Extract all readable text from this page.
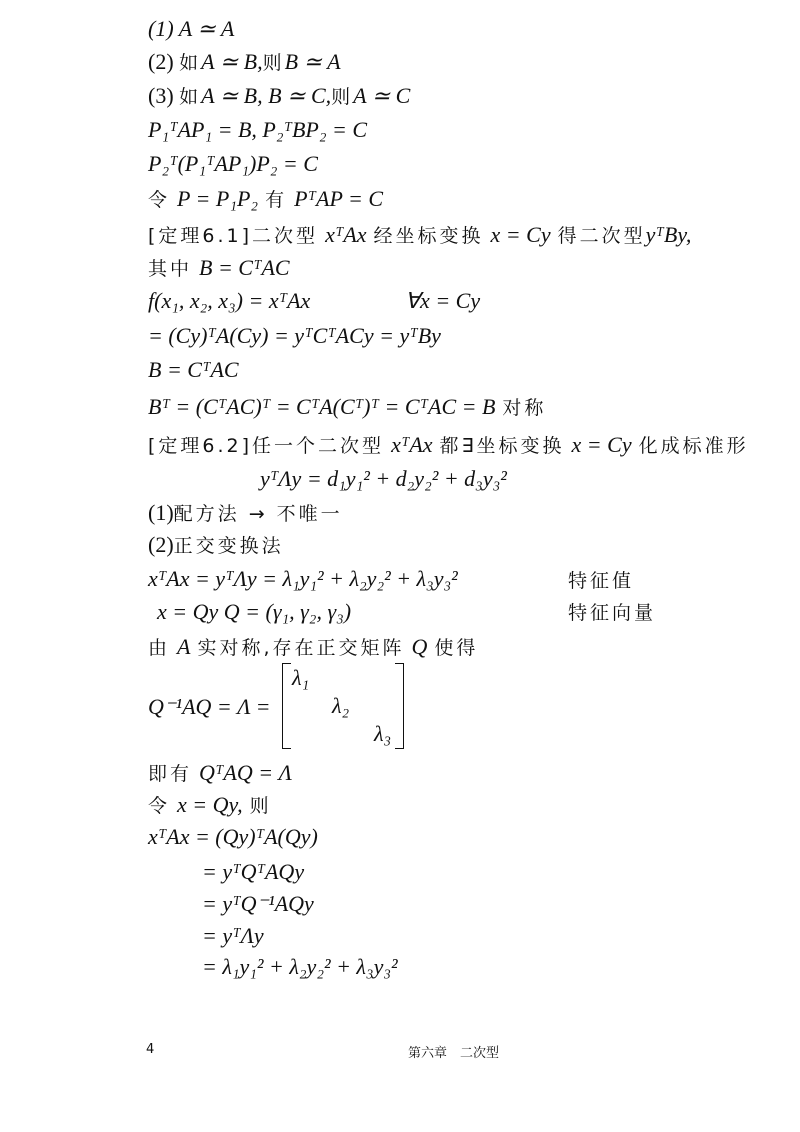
(1) A ≃ A
(2) 如A ≃ B,则B ≃ A
(3) 如A ≃ B, B ≃ C,则A ≃ C
P₁ᵀAP₁ = B, P₂ᵀBP₂ = C
P₂ᵀ(P₁ᵀAP₁)P₂ = C
令 P = P₁P₂ 有 PᵀAP = C
[定理6.1]二次型 xᵀAx 经坐标变换 x = Cy 得二次型yᵀBy,
其中 B = CᵀAC
f(x₁, x₂, x₃) = xᵀAx	∀x = Cy
= (Cy)ᵀA(Cy) = yᵀCᵀACy = yᵀBy
B = CᵀAC
Bᵀ = (CᵀAC)ᵀ = CᵀA(Cᵀ)ᵀ = CᵀAC = B 对称
[定理6.2]任一个二次型 xᵀAx 都∃坐标变换 x = Cy 化成标准形
yᵀΛy = d₁y₁² + d₂y₂² + d₃y₃²
(1)配方法 → 不唯一
(2)正交变换法
xᵀAx = yᵀΛy = λ₁y₁² + λ₂y₂² + λ₃y₃²	特征值
x = Qy Q = (γ₁, γ₂, γ₃)	特征向量
由 A 实对称,存在正交矩阵 Q 使得
Q⁻¹AQ = Λ =
λ₁
λ₂
λ₃
即有 QᵀAQ = Λ
令 x = Qy, 则
xᵀAx = (Qy)ᵀA(Qy)
= yᵀQᵀAQy
= yᵀQ⁻¹AQy
= yᵀΛy
= λ₁y₁² + λ₂y₂² + λ₃y₃²
4	第六章　二次型
